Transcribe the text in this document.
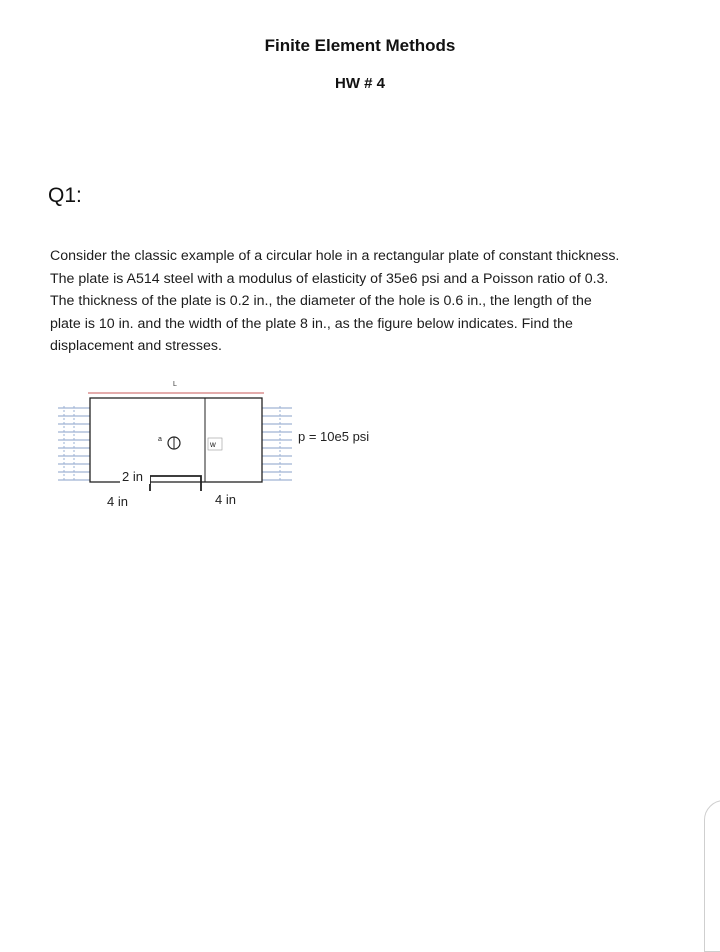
Finite Element Methods
HW # 4
Q1:
Consider the classic example of a circular hole in a rectangular plate of constant thickness.
The plate is A514 steel with a modulus of elasticity of 35e6 psi and a Poisson ratio of 0.3.
The thickness of the plate is 0.2 in., the diameter of the hole is 0.6 in., the length of the
plate is 10 in. and the width of the plate 8 in., as the figure below indicates. Find the
displacement and stresses.
L
a
w
p = 10e5 psi
2 in
4 in	4 in
